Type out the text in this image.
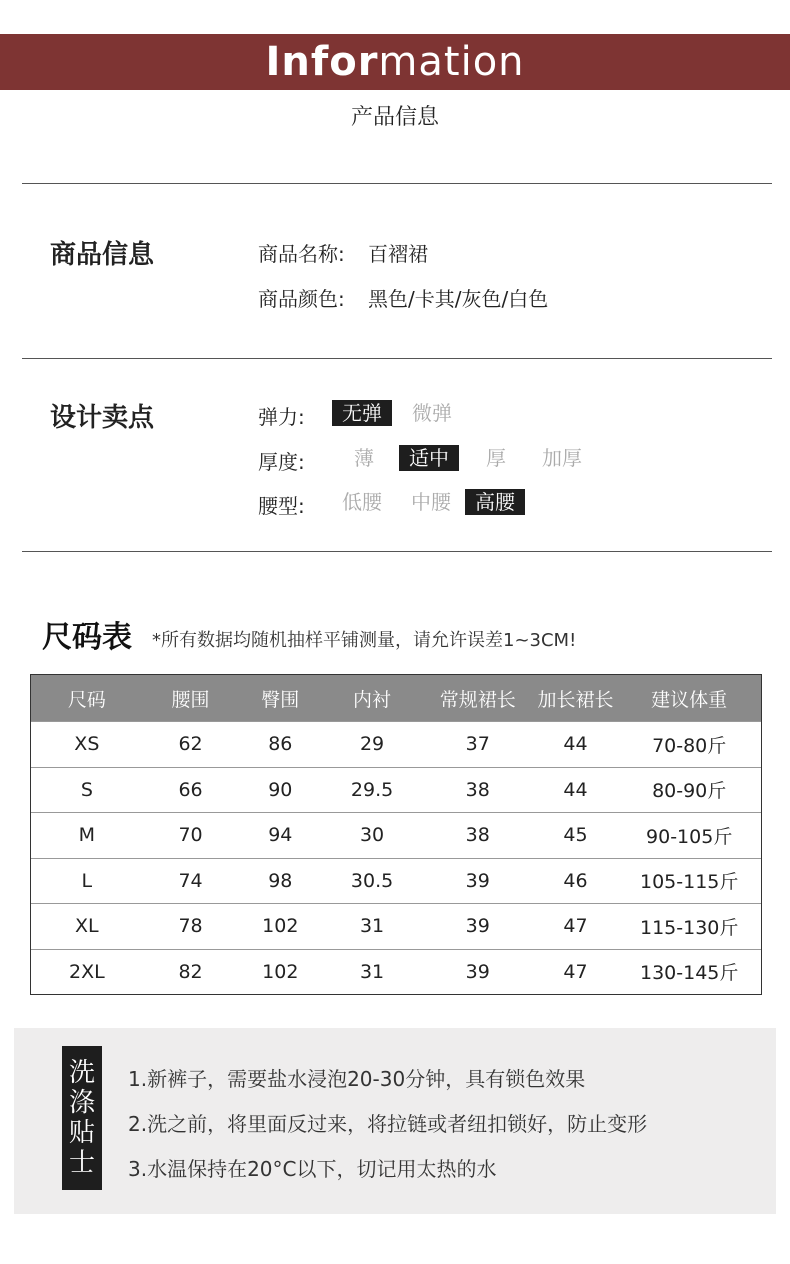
Information
产品信息
商品信息	商品名称: 百褶裙
商品颜色: 黑色/卡其/灰色/白色
设计卖点	弹力:	无弹	微弹
厚度:	薄	适中	厚	加厚
腰型:	低腰	中腰	高腰
尺码表 *所有数据均随机抽样平铺测量，请允许误差1~3CM!
尺码	腰围	臀围	内衬	常规裙长	加长裙长	建议体重
XS	62	86	29	37	44	70-80斤
S	66	90	29.5	38	44	80-90斤
M	70	94	30	38	45	90-105斤
L	74	98	30.5	39	46	105-115斤
XL	78	102	31	39	47	115-130斤
2XL	82	102	31	39	47	130-145斤
洗
涤
贴
士
1.新裤子，需要盐水浸泡20-30分钟，具有锁色效果
2.洗之前，将里面反过来，将拉链或者纽扣锁好，防止变形
3.水温保持在20°C以下，切记用太热的水
